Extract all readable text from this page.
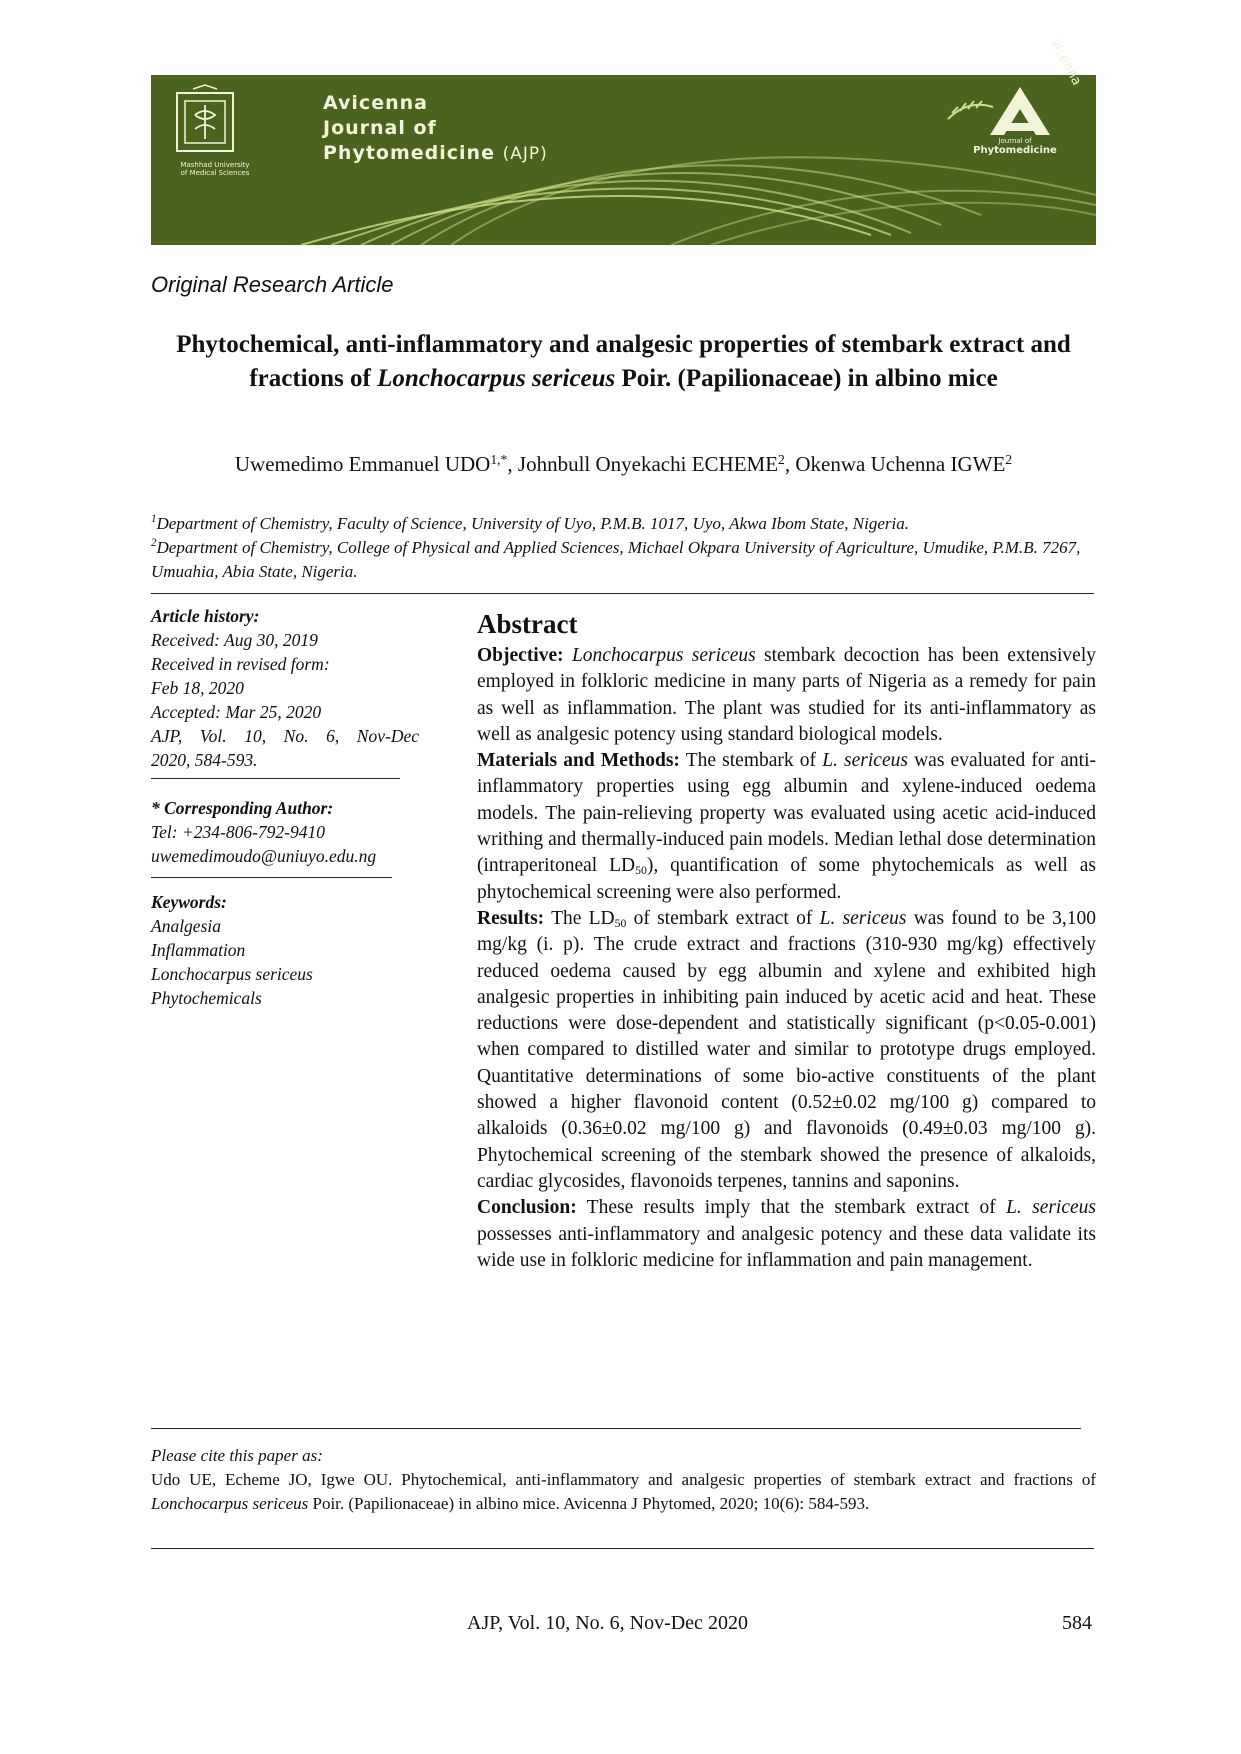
Mashhad University
of Medical Sciences
Avicenna
Journal of
Phytomedicine (AJP)
vicenna
Journal of
Phytomedicine
Original Research Article
Phytochemical, anti-inflammatory and analgesic properties of stembark extract and fractions of Lonchocarpus sericeus Poir. (Papilionaceae) in albino mice
Uwemedimo Emmanuel $UDO^{1,*}$, Johnbull Onyekachi ECHEME$^2$, Okenwa Uchenna IGWE$^2$
$^1$Department of Chemistry, Faculty of Science, University of Uyo, P.M.B. 1017, Uyo, Akwa Ibom State, Nigeria.
$^2$Department of Chemistry, College of Physical and Applied Sciences, Michael Okpara University of Agriculture, Umudike, P.M.B. 7267, Umuahia, Abia State, Nigeria.
Article history:
Received: Aug 30, 2019
Received in revised form:
Feb 18, 2020
Accepted: Mar 25, 2020
AJP, Vol. 10, No. 6, Nov-Dec
2020, 584-593.
* Corresponding Author:
Tel: +234-806-792-9410
uwemedimoudo@uniuyo.edu.ng
Keywords:
Analgesia
Inflammation
Lonchocarpus sericeus
Phytochemicals
Abstract

Objective: Lonchocarpus sericeus stembark decoction has been extensively employed in folkloric medicine in many parts of Nigeria as a remedy for pain as well as inflammation. The plant was studied for its anti-inflammatory as well as analgesic potency using standard biological models.

Materials and Methods: The stembark of L. sericeus was evaluated for anti-inflammatory properties using egg albumin and xylene-induced oedema models. The pain-relieving property was evaluated using acetic acid-induced writhing and thermally-induced pain models. Median lethal dose determination (intraperitoneal $LD_{50}$), quantification of some phytochemicals as well as phytochemical screening were also performed.

Results: The $LD_{50}$ of stembark extract of L. sericeus was found to be 3,100 mg/kg (i. p). The crude extract and fractions (310-930 mg/kg) effectively reduced oedema caused by egg albumin and xylene and exhibited high analgesic properties in inhibiting pain induced by acetic acid and heat. These reductions were dose-dependent and statistically significant (p<0.05-0.001) when compared to distilled water and similar to prototype drugs employed. Quantitative determinations of some bio-active constituents of the plant showed a higher flavonoid content (0.52±0.02 mg/100 g) compared to alkaloids (0.36±0.02 mg/100 g) and flavonoids (0.49±0.03 mg/100 g). Phytochemical screening of the stembark showed the presence of alkaloids, cardiac glycosides, flavonoids terpenes, tannins and saponins.

Conclusion: These results imply that the stembark extract of L. sericeus possesses anti-inflammatory and analgesic potency and these data validate its wide use in folkloric medicine for inflammation and pain management.

Please cite this paper as:

Udo UE, Echeme JO, Igwe OU. Phytochemical, anti-inflammatory and analgesic properties of stembark extract and fractions of Lonchocarpus sericeus Poir. (Papilionaceae) in albino mice. Avicenna J Phytomed, 2020; 10(6): 584-593.

AJP, Vol. 10, No. 6, Nov-Dec 2020	584
